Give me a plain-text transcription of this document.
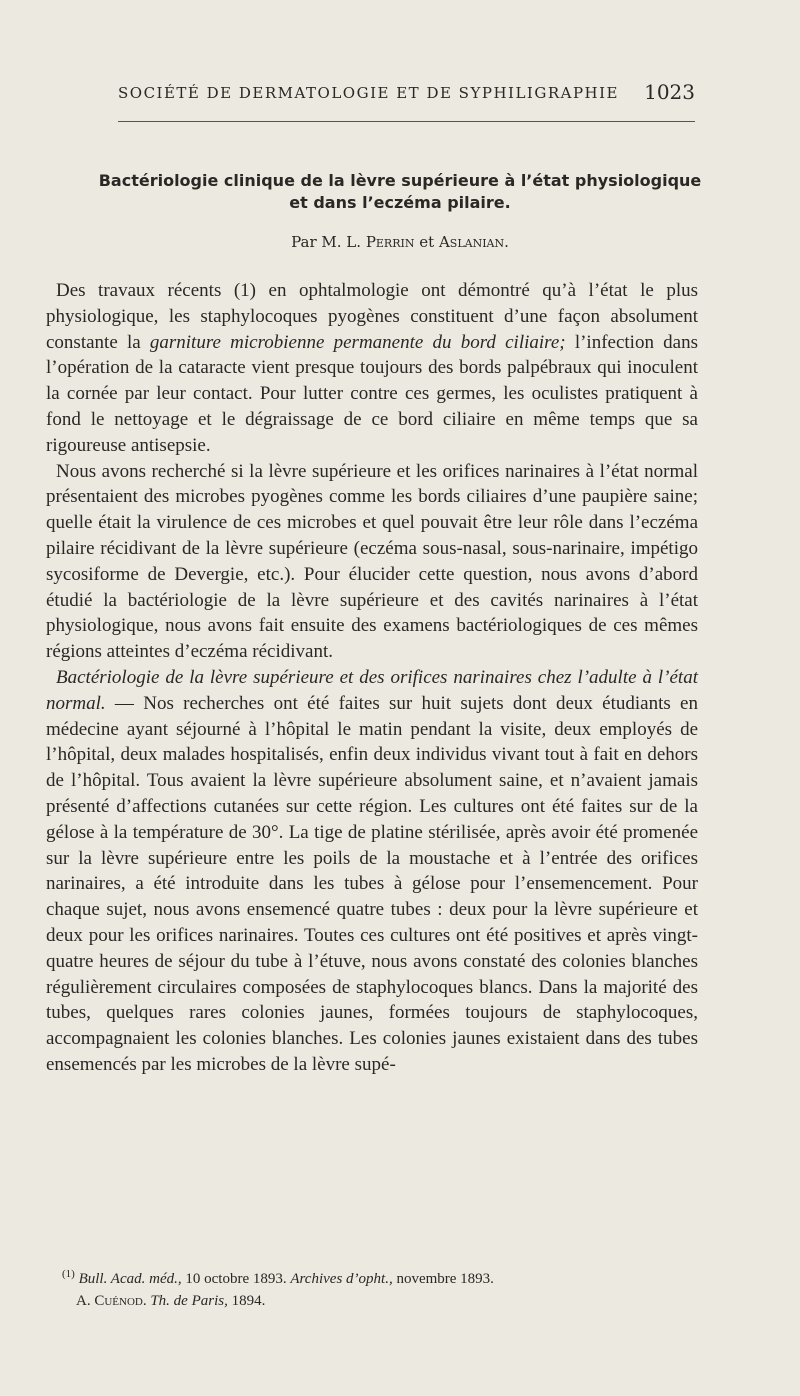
SOCIÉTÉ DE DERMATOLOGIE ET DE SYPHILIGRAPHIE 1023
Bactériologie clinique de la lèvre supérieure à l’état physiologique
et dans l’eczéma pilaire.
Par M. L. Perrin et Aslanian.

Des travaux récents (1) en ophtalmologie ont démontré qu’à l’état le plus physiologique, les staphylocoques pyogènes constituent d’une façon absolument constante la garniture microbienne permanente du bord ciliaire; l’infection dans l’opération de la cataracte vient presque toujours des bords palpébraux qui inoculent la cornée par leur contact. Pour lutter contre ces germes, les oculistes pratiquent à fond le nettoyage et le dégraissage de ce bord ciliaire en même temps que sa rigoureuse antisepsie.

Nous avons recherché si la lèvre supérieure et les orifices narinaires à l’état normal présentaient des microbes pyogènes comme les bords ciliaires d’une paupière saine; quelle était la virulence de ces microbes et quel pouvait être leur rôle dans l’eczéma pilaire récidivant de la lèvre supérieure (eczéma sous-nasal, sous-narinaire, impétigo sycosiforme de Devergie, etc.). Pour élucider cette question, nous avons d’abord étudié la bactériologie de la lèvre supérieure et des cavités narinaires à l’état physiologique, nous avons fait ensuite des examens bactériologiques de ces mêmes régions atteintes d’eczéma récidivant.

Bactériologie de la lèvre supérieure et des orifices narinaires chez l’adulte à l’état normal. — Nos recherches ont été faites sur huit sujets dont deux étudiants en médecine ayant séjourné à l’hôpital le matin pendant la visite, deux employés de l’hôpital, deux malades hospitalisés, enfin deux individus vivant tout à fait en dehors de l’hôpital. Tous avaient la lèvre supérieure absolument saine, et n’avaient jamais présenté d’affections cutanées sur cette région. Les cultures ont été faites sur de la gélose à la température de 30°. La tige de platine stérilisée, après avoir été promenée sur la lèvre supérieure entre les poils de la moustache et à l’entrée des orifices narinaires, a été introduite dans les tubes à gélose pour l’ensemencement. Pour chaque sujet, nous avons ensemencé quatre tubes : deux pour la lèvre supérieure et deux pour les orifices narinaires. Toutes ces cultures ont été positives et après vingt-quatre heures de séjour du tube à l’étuve, nous avons constaté des colonies blanches régulièrement circulaires composées de staphylocoques blancs. Dans la majorité des tubes, quelques rares colonies jaunes, formées toujours de staphylocoques, accompagnaient les colonies blanches. Les colonies jaunes existaient dans des tubes ensemencés par les microbes de la lèvre supé-

$^{(1)}$ Bull. Acad. méd., 10 octobre 1893. Archives d’opht., novembre 1893.
A. Cuénod. Th. de Paris, 1894.
